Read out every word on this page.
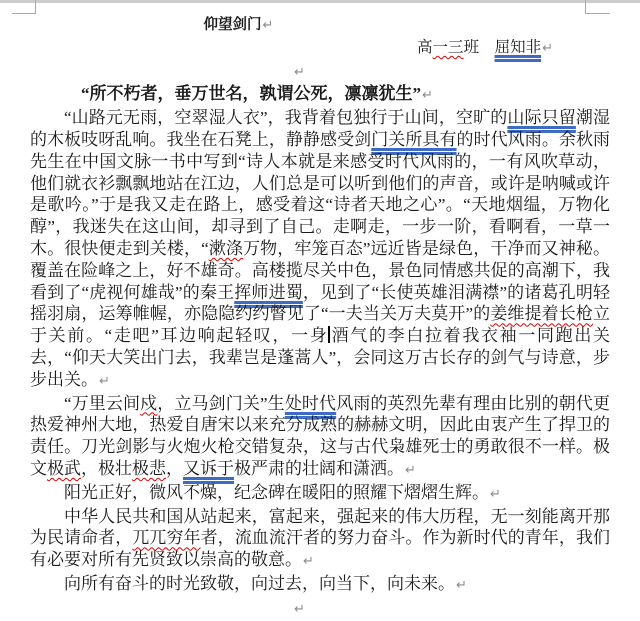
仰望剑门↵

高一三班　屈知非↵

↵

“所不朽者，垂万世名，孰谓公死，凛凛犹生”↵

“山路元无雨，空翠湿人衣”，我背着包独行于山间，空旷的山际只留潮湿的木板吱呀乱响。我坐在石凳上，静静感受剑门关所具有的时代风雨。余秋雨先生在中国文脉一书中写到“诗人本就是来感受时代风雨的，一有风吹草动，他们就衣衫飘飘地站在江边，人们总是可以听到他们的声音，或许是呐喊或许是歌吟。”于是我又走在路上，感受着这“诗者天地之心”。“天地烟缊，万物化醇”，我迷失在这山间，却寻到了自己。走啊走，一步一阶，看啊看，一草一木。很快便走到关楼，“漱涤万物，牢笼百态”远近皆是绿色，干净而又神秘。覆盖在险峰之上，好不雄奇。高楼揽尽关中色，景色同情感共促的高潮下，我看到了“虎视何雄哉”的秦王挥师进蜀，见到了“长使英雄泪满襟”的诸葛孔明轻摇羽扇，运筹帷幄，亦隐隐约约瞥见了“一夫当关万夫莫开”的姜维提着长枪立于关前。“走吧”耳边响起轻叹，一身酒气的李白拉着我衣袖一同跑出关去，“仰天大笑出门去，我辈岂是蓬蒿人”，会同这万古长存的剑气与诗意，步步出关。↵

“万里云间戍，立马剑门关”生处时代风雨的英烈先辈有理由比别的朝代更热爱神州大地，热爱自唐宋以来充分成熟的赫赫文明，因此由衷产生了捍卫的责任。刀光剑影与火炮火枪交错复杂，这与古代枭雄死士的勇敢很不一样。极文极武，极壮极悲，又诉于极严肃的壮阔和潇洒。↵

阳光正好，微风不燥，纪念碑在暖阳的照耀下熠熠生辉。↵

中华人民共和国从站起来，富起来，强起来的伟大历程，无一刻能离开那为民请命者，兀兀穷年者，流血流汗者的努力奋斗。作为新时代的青年，我们有必要对所有先贤致以崇高的敬意。↵

向所有奋斗的时光致敬，向过去，向当下，向未来。↵

↵
